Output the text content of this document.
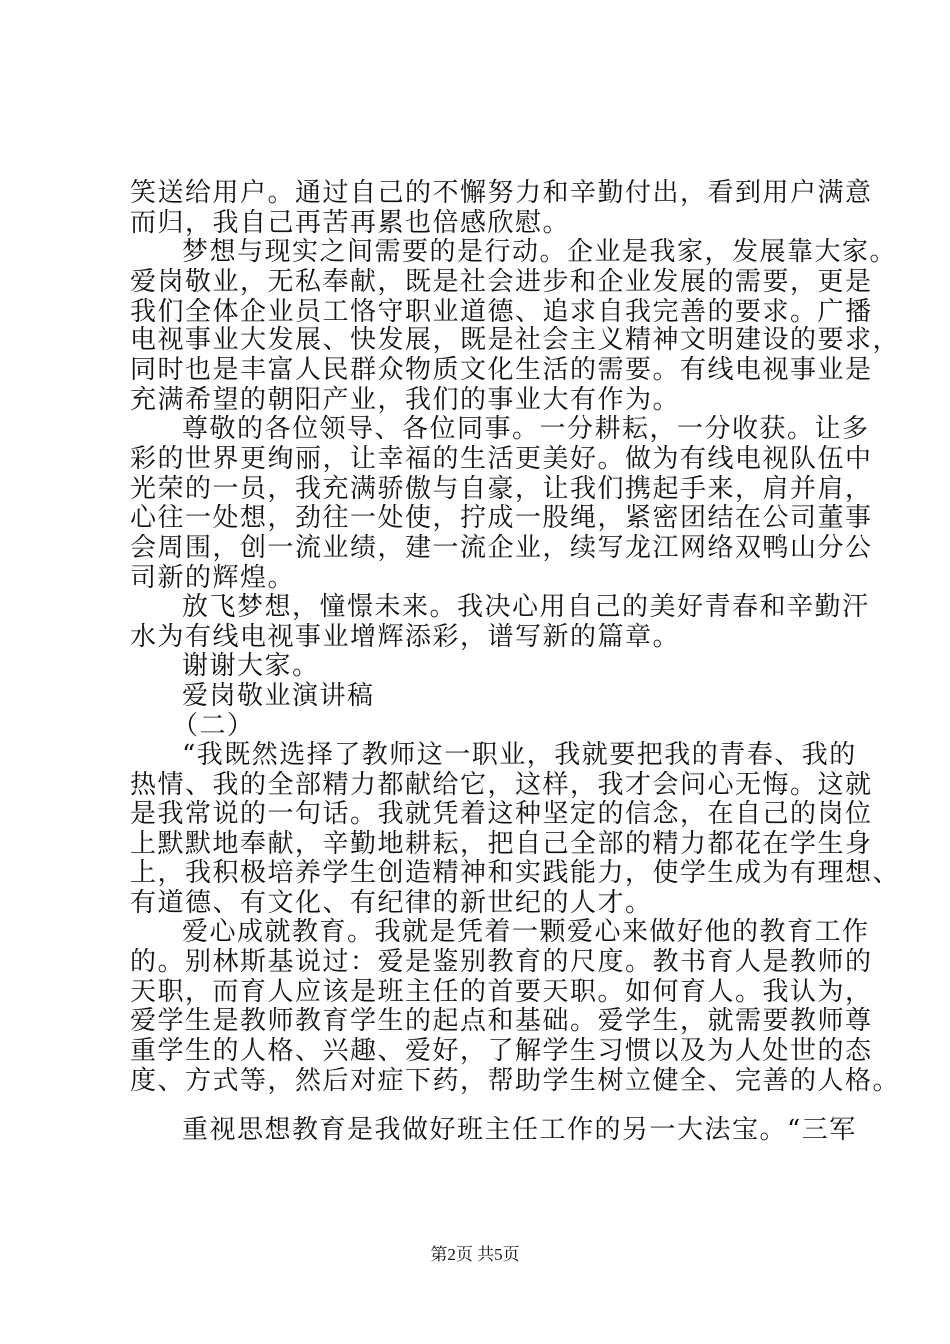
笑送给用户。通过自己的不懈努力和辛勤付出，看到用户满意
而归，我自己再苦再累也倍感欣慰。
梦想与现实之间需要的是行动。企业是我家，发展靠大家。
爱岗敬业，无私奉献，既是社会进步和企业发展的需要，更是
我们全体企业员工恪守职业道德、追求自我完善的要求。广播
电视事业大发展、快发展，既是社会主义精神文明建设的要求，
同时也是丰富人民群众物质文化生活的需要。有线电视事业是
充满希望的朝阳产业，我们的事业大有作为。
尊敬的各位领导、各位同事。一分耕耘，一分收获。让多
彩的世界更绚丽，让幸福的生活更美好。做为有线电视队伍中
光荣的一员，我充满骄傲与自豪，让我们携起手来，肩并肩，
心往一处想，劲往一处使，拧成一股绳，紧密团结在公司董事
会周围，创一流业绩，建一流企业，续写龙江网络双鸭山分公
司新的辉煌。
放飞梦想，憧憬未来。我决心用自己的美好青春和辛勤汗
水为有线电视事业增辉添彩，谱写新的篇章。
谢谢大家。
爱岗敬业演讲稿
（二）
“我既然选择了教师这一职业，我就要把我的青春、我的
热情、我的全部精力都献给它，这样，我才会问心无悔。这就
是我常说的一句话。我就凭着这种坚定的信念，在自己的岗位
上默默地奉献，辛勤地耕耘，把自己全部的精力都花在学生身
上，我积极培养学生创造精神和实践能力，使学生成为有理想、
有道德、有文化、有纪律的新世纪的人才。
爱心成就教育。我就是凭着一颗爱心来做好他的教育工作
的。别林斯基说过：爱是鉴别教育的尺度。教书育人是教师的
天职，而育人应该是班主任的首要天职。如何育人。我认为，
爱学生是教师教育学生的起点和基础。爱学生，就需要教师尊
重学生的人格、兴趣、爱好，了解学生习惯以及为人处世的态
度、方式等，然后对症下药，帮助学生树立健全、完善的人格。
第2页 共5页
重视思想教育是我做好班主任工作的另一大法宝。“三军
